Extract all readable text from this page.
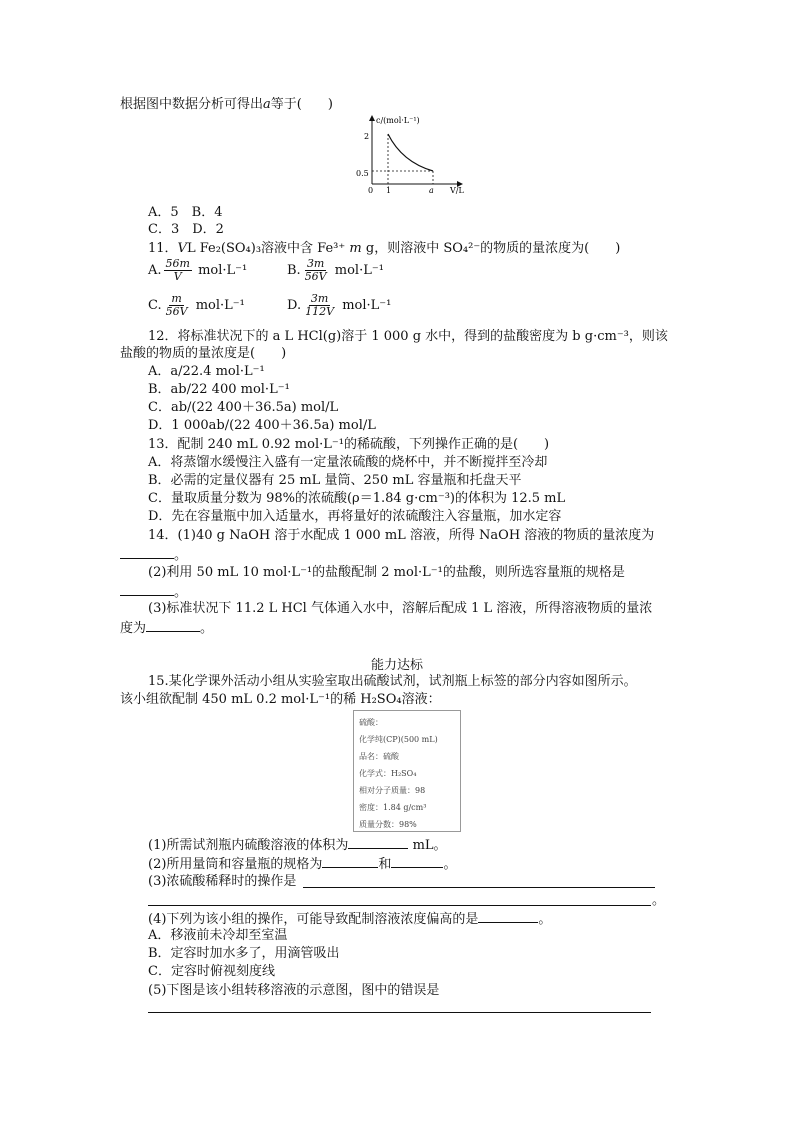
根据图中数据分析可得出a等于(　　)
c/(mol·L⁻¹)
V/L
0 1	a
2
0.5
A．5　B．4
C．3　D．2
11．VL Fe₂(SO₄)₃溶液中含 Fe³⁺ m g，则溶液中 SO₄²⁻的物质的量浓度为(　　)
A. $\frac{56m}{V} mol\cdot L^{-1}$	B. $\frac{3m}{56V} mol\cdot L^{-1}$
C. $\frac{m}{56V} mol\cdot L^{-1}$	D. $\frac{3m}{112V} mol\cdot L^{-1}$
12．将标准状况下的 a L HCl(g)溶于 1 000 g 水中，得到的盐酸密度为 b g·cm⁻³，则该
盐酸的物质的量浓度是(　　)
A．a/22.4 mol·L⁻¹
B．ab/22 400 mol·L⁻¹
C．ab/(22 400＋36.5a) mol/L
D．1 000ab/(22 400＋36.5a) mol/L
13．配制 240 mL 0.92 mol·L⁻¹的稀硫酸，下列操作正确的是(　　)
A．将蒸馏水缓慢注入盛有一定量浓硫酸的烧杯中，并不断搅拌至冷却
B．必需的定量仪器有 25 mL 量筒、250 mL 容量瓶和托盘天平
C．量取质量分数为 98%的浓硫酸(ρ＝1.84 g·cm⁻³)的体积为 12.5 mL
D．先在容量瓶中加入适量水，再将量好的浓硫酸注入容量瓶，加水定容
14．(1)40 g NaOH 溶于水配成 1 000 mL 溶液，所得 NaOH 溶液的物质的量浓度为
。
(2)利用 50 mL 10 mol·L⁻¹的盐酸配制 2 mol·L⁻¹的盐酸，则所选容量瓶的规格是
。
(3)标准状况下 11.2 L HCl 气体通入水中，溶解后配成 1 L 溶液，所得溶液物质的量浓
度为	。
能力达标
15.某化学课外活动小组从实验室取出硫酸试剂，试剂瓶上标签的部分内容如图所示。
该小组欲配制 450 mL 0.2 mol·L⁻¹的稀 H₂SO₄溶液：
硫酸：
化学纯(CP)(500 mL)
品名：硫酸
化学式：H₂SO₄
相对分子质量：98
密度：1.84 g/cm³
质量分数：98%
(1)所需试剂瓶内硫酸溶液的体积为	mL。
(2)所用量筒和容量瓶的规格为	和	。
(3)浓硫酸稀释时的操作是
。
(4)下列为该小组的操作，可能导致配制溶液浓度偏高的是	。
A．移液前未冷却至室温
B．定容时加水多了，用滴管吸出
C．定容时俯视刻度线
(5)下图是该小组转移溶液的示意图，图中的错误是
